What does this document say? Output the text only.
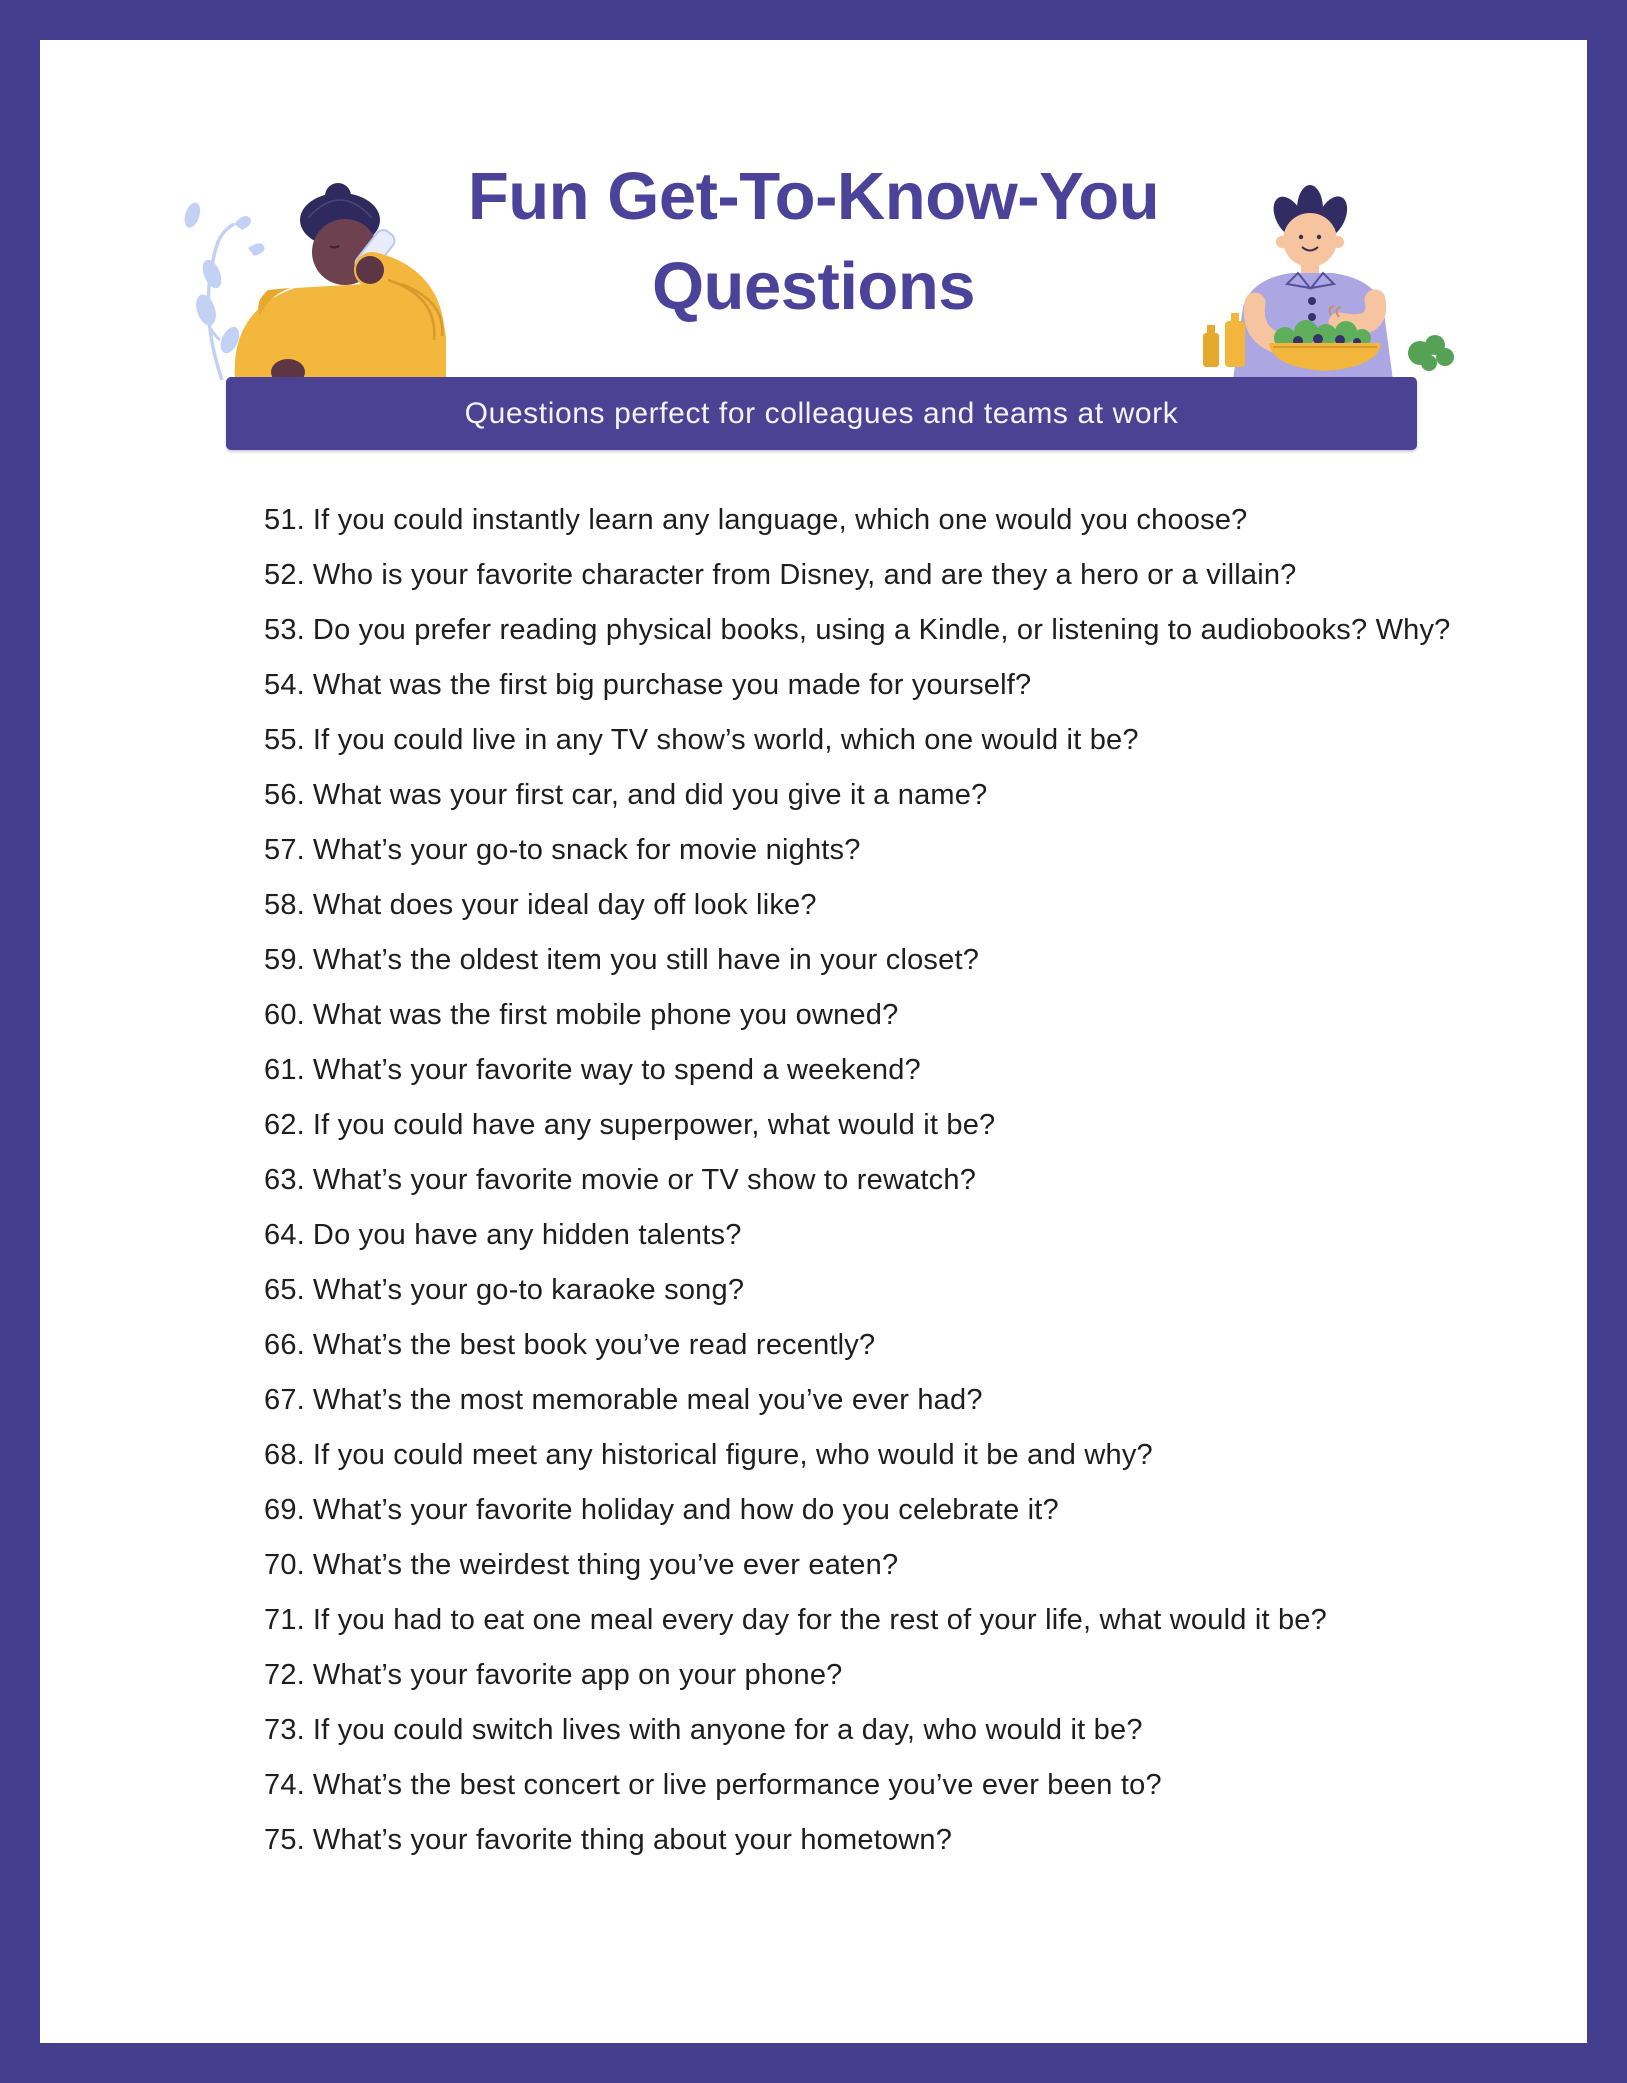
Fun Get-To-Know-You
Questions
Questions perfect for colleagues and teams at work
51. If you could instantly learn any language, which one would you choose?
52. Who is your favorite character from Disney, and are they a hero or a villain?
53. Do you prefer reading physical books, using a Kindle, or listening to audiobooks? Why?
54. What was the first big purchase you made for yourself?
55. If you could live in any TV show’s world, which one would it be?
56. What was your first car, and did you give it a name?
57. What’s your go-to snack for movie nights?
58. What does your ideal day off look like?
59. What’s the oldest item you still have in your closet?
60. What was the first mobile phone you owned?
61. What’s your favorite way to spend a weekend?
62. If you could have any superpower, what would it be?
63. What’s your favorite movie or TV show to rewatch?
64. Do you have any hidden talents?
65. What’s your go-to karaoke song?
66. What’s the best book you’ve read recently?
67. What’s the most memorable meal you’ve ever had?
68. If you could meet any historical figure, who would it be and why?
69. What’s your favorite holiday and how do you celebrate it?
70. What’s the weirdest thing you’ve ever eaten?
71. If you had to eat one meal every day for the rest of your life, what would it be?
72. What’s your favorite app on your phone?
73. If you could switch lives with anyone for a day, who would it be?
74. What’s the best concert or live performance you’ve ever been to?
75. What’s your favorite thing about your hometown?
